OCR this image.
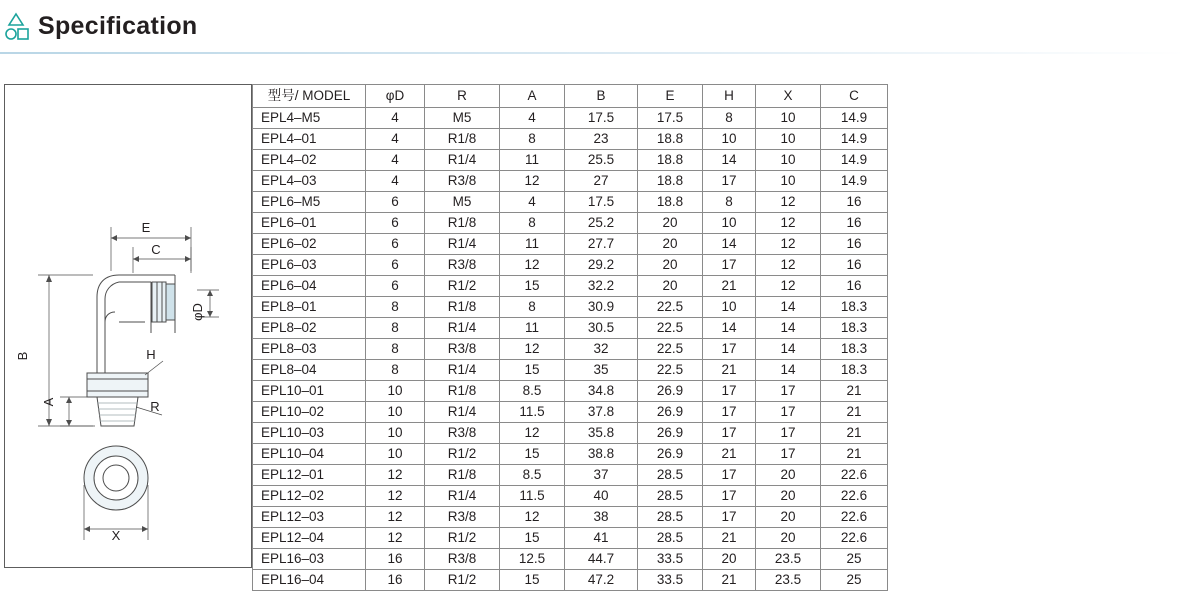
Specification
E
C
φD
B
A
H
R
X
型号/ MODEL	φD	R	A	B	E	H	X	C
EPL4–M5	4	M5	4	17.5	17.5	8	10	14.9
EPL4–01	4	R1/8	8	23	18.8	10	10	14.9
EPL4–02	4	R1/4	11	25.5	18.8	14	10	14.9
EPL4–03	4	R3/8	12	27	18.8	17	10	14.9
EPL6–M5	6	M5	4	17.5	18.8	8	12	16
EPL6–01	6	R1/8	8	25.2	20	10	12	16
EPL6–02	6	R1/4	11	27.7	20	14	12	16
EPL6–03	6	R3/8	12	29.2	20	17	12	16
EPL6–04	6	R1/2	15	32.2	20	21	12	16
EPL8–01	8	R1/8	8	30.9	22.5	10	14	18.3
EPL8–02	8	R1/4	11	30.5	22.5	14	14	18.3
EPL8–03	8	R3/8	12	32	22.5	17	14	18.3
EPL8–04	8	R1/4	15	35	22.5	21	14	18.3
EPL10–01	10	R1/8	8.5	34.8	26.9	17	17	21
EPL10–02	10	R1/4	11.5	37.8	26.9	17	17	21
EPL10–03	10	R3/8	12	35.8	26.9	17	17	21
EPL10–04	10	R1/2	15	38.8	26.9	21	17	21
EPL12–01	12	R1/8	8.5	37	28.5	17	20	22.6
EPL12–02	12	R1/4	11.5	40	28.5	17	20	22.6
EPL12–03	12	R3/8	12	38	28.5	17	20	22.6
EPL12–04	12	R1/2	15	41	28.5	21	20	22.6
EPL16–03	16	R3/8	12.5	44.7	33.5	20	23.5	25
EPL16–04	16	R1/2	15	47.2	33.5	21	23.5	25
